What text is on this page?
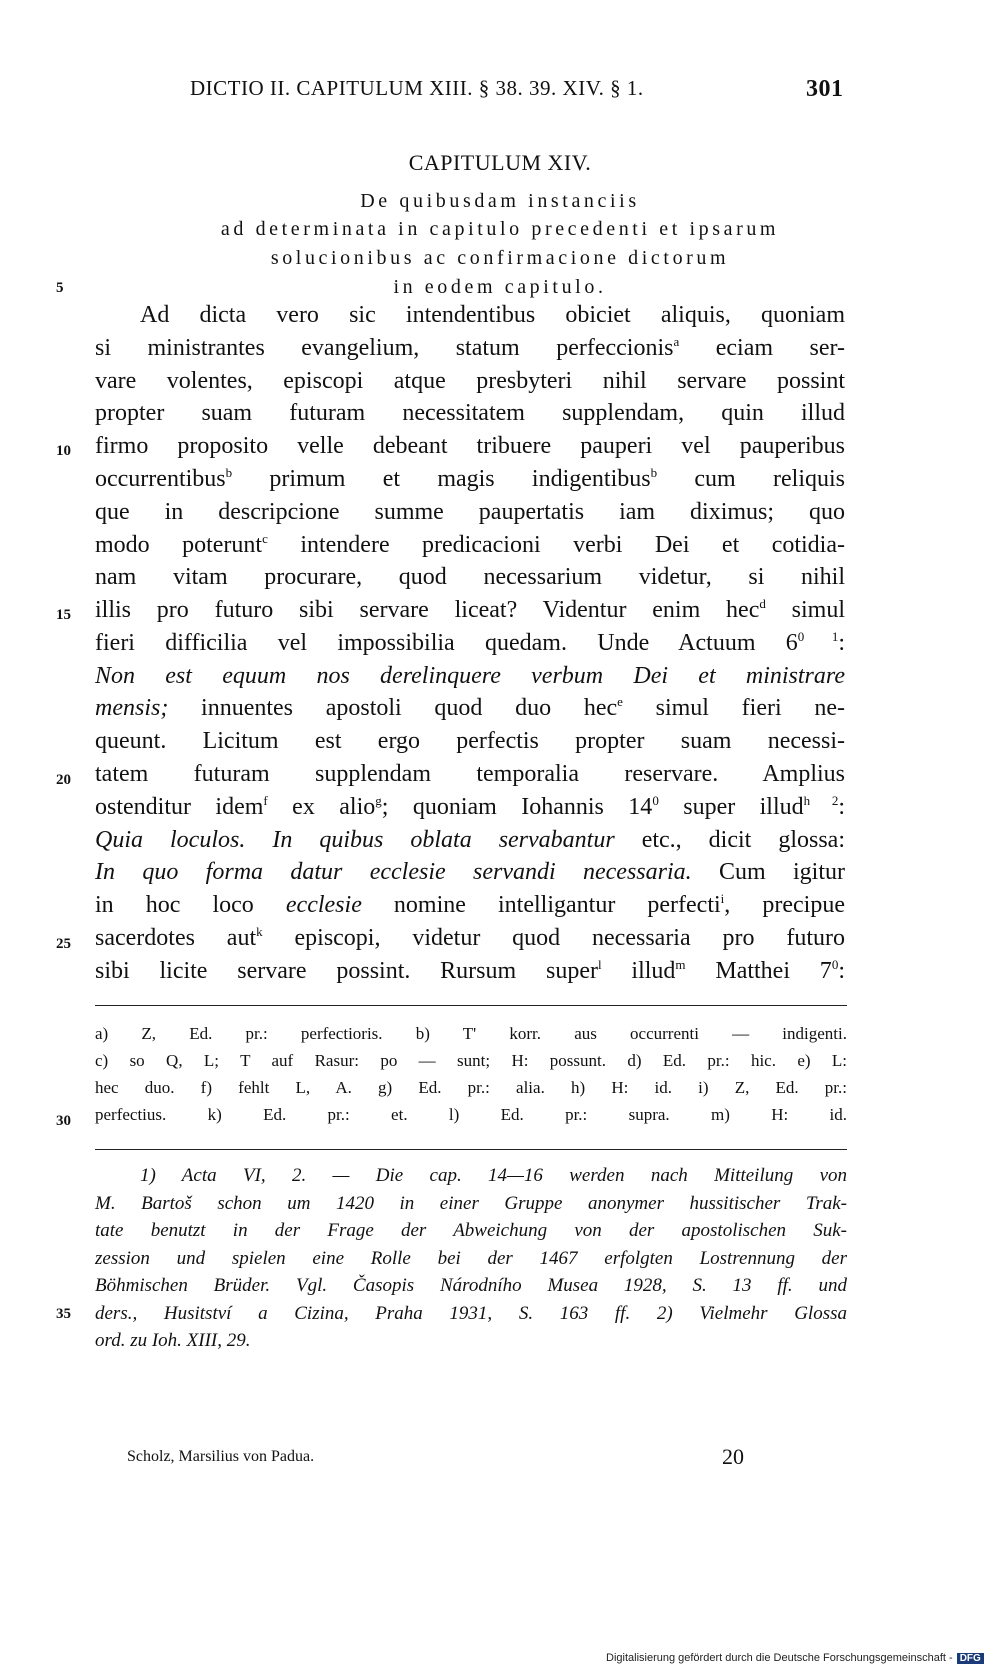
DICTIO II. CAPITULUM XIII. § 38. 39. XIV. § 1.	301
CAPITULUM XIV.
De quibusdam instanciis
ad determinata in capitulo precedenti et ipsarum
solucionibus ac confirmacione dictorum
in eodem capitulo.
5
10
15
20
25
30
35
Ad dicta vero sic intendentibus obiciet aliquis, quoniam
si ministrantes evangelium, statum perfeccionis$^a$ eciam ser-
vare volentes, episcopi atque presbyteri nihil servare possint
propter suam futuram necessitatem supplendam, quin illud
firmo proposito velle debeant tribuere pauperi vel pauperibus
occurrentibus$^b$ primum et magis indigentibus$^b$ cum reliquis
que in descripcione summe paupertatis iam diximus; quo
modo poterunt$^c$ intendere predicacioni verbi Dei et cotidia-
nam vitam procurare, quod necessarium videtur, si nihil
illis pro futuro sibi servare liceat? Videntur enim hec$^d$ simul
fieri difficilia vel impossibilia quedam. Unde Actuum $6^{0 1}$:
Non est equum nos derelinquere verbum Dei et ministrare
mensis; innuentes apostoli quod duo hec$^e$ simul fieri ne-
queunt. Licitum est ergo perfectis propter suam necessi-
tatem futuram supplendam temporalia reservare. Amplius
ostenditur idem$^f$ ex alio$^g$; quoniam Iohannis $14^0$ super illud$^{h 2}$:
Quia loculos. In quibus oblata servabantur etc., dicit glossa:
In quo forma datur ecclesie servandi necessaria. Cum igitur
in hoc loco ecclesie nomine intelligantur perfecti$^i$, precipue
sacerdotes aut$^k$ episcopi, videtur quod necessaria pro futuro
sibi licite servare possint. Rursum super$^l$ illud$^m$ Matthei $7^0$:
a) Z, Ed. pr.: perfectioris. b) T' korr. aus occurrenti — indigenti.
c) so Q, L; T auf Rasur: po — sunt; H: possunt. d) Ed. pr.: hic. e) L:
hec duo. f) fehlt L, A. g) Ed. pr.: alia. h) H: id. i) Z, Ed. pr.:
perfectius. k) Ed. pr.: et. l) Ed. pr.: supra. m) H: id.
1) Acta VI, 2. — Die cap. 14—16 werden nach Mitteilung von
M. Bartoš schon um 1420 in einer Gruppe anonymer hussitischer Trak-
tate benutzt in der Frage der Abweichung von der apostolischen Suk-
zession und spielen eine Rolle bei der 1467 erfolgten Lostrennung der
Böhmischen Brüder. Vgl. Časopis Národního Musea 1928, S. 13 ff. und
ders., Husitství a Cizina, Praha 1931, S. 163 ff. 2) Vielmehr Glossa
ord. zu Ioh. XIII, 29.
Scholz, Marsilius von Padua.	20
Digitalisierung gefördert durch die Deutsche Forschungsgemeinschaft - DFG
